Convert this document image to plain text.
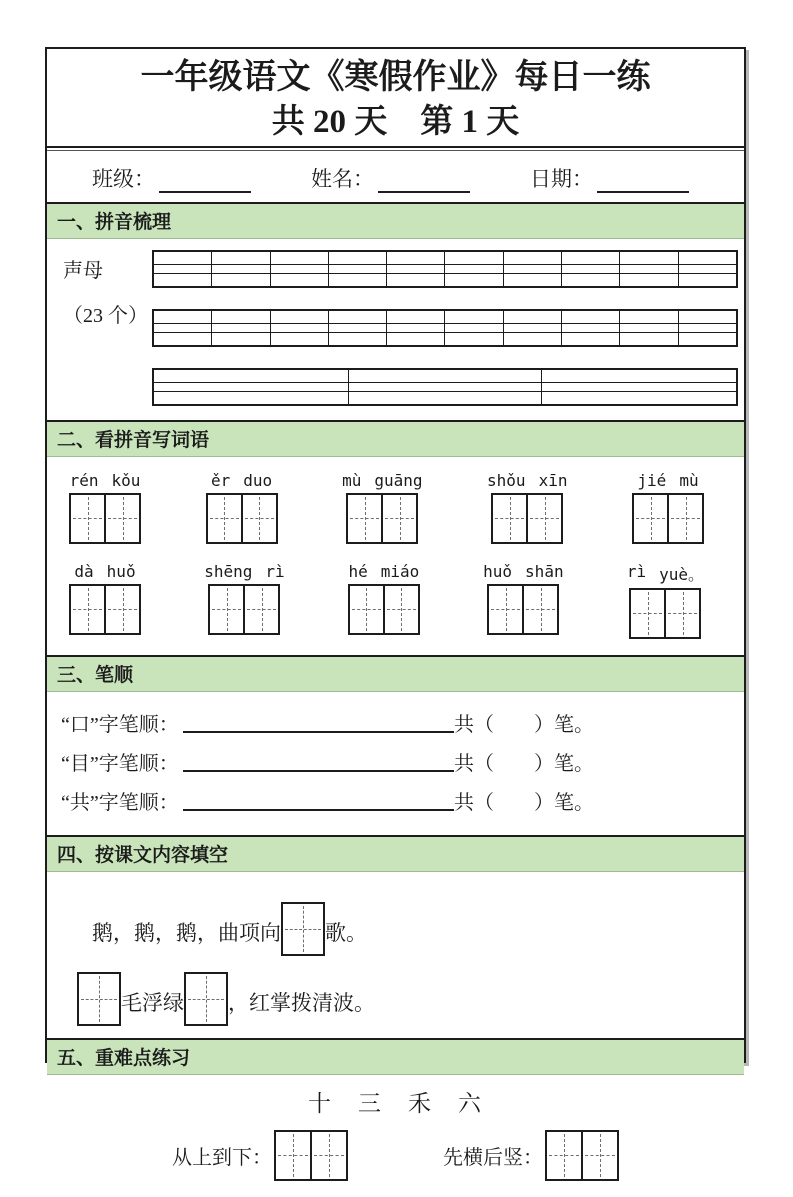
一年级语文《寒假作业》每日一练
共 20 天　第 1 天
班级：	姓名：	日期：
一、拼音梳理
声母
（23 个）

二、看拼音写词语
rén kǒu	ěr duo	mù guāng	shǒu xīn	jié mù
dà huǒ	shēng rì	hé miáo	huǒ shān	rì yuè。
三、笔顺
“口”字笔顺：	共（　　）笔。
“目”字笔顺：	共（　　）笔。
“共”字笔顺：	共（　　）笔。
四、按课文内容填空
鹅，鹅，鹅，曲项向 歌。
毛浮绿 ，红掌拨清波。
五、重难点练习
十　三　禾　六
从上到下：	先横后竖：
